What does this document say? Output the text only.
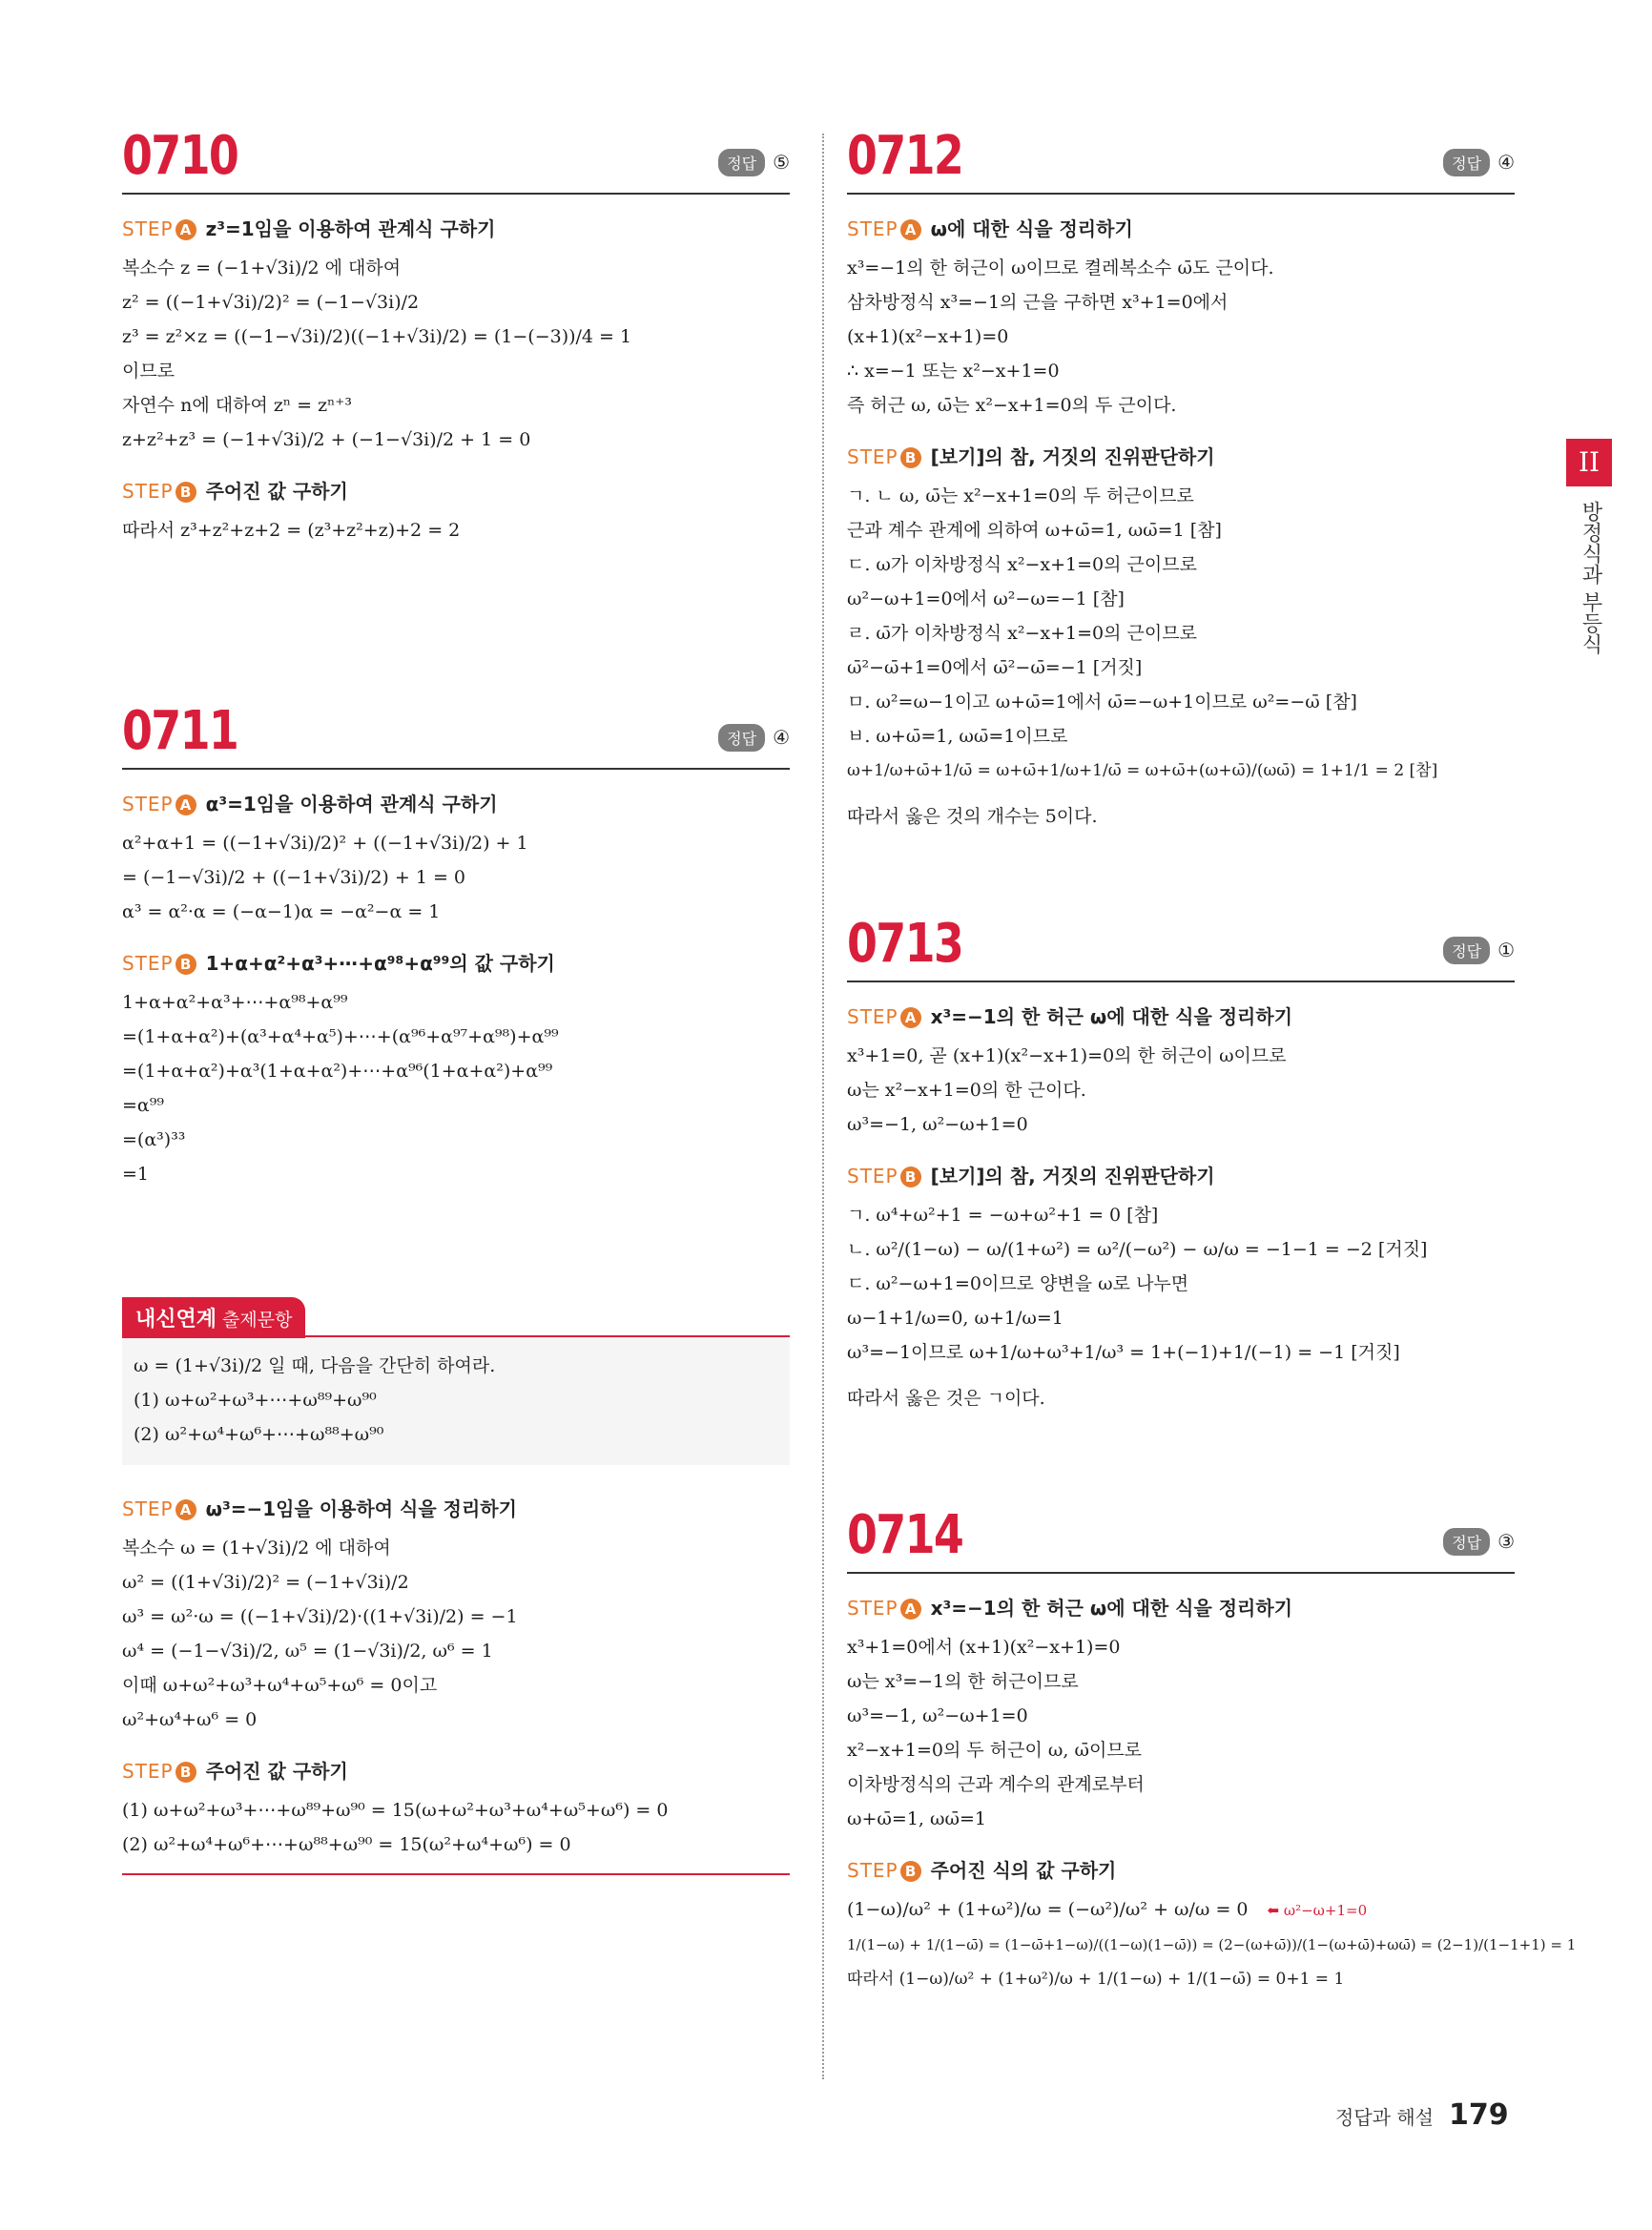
0710	정답 ⑤
STEP A z³=1임을 이용하여 관계식 구하기
복소수 z = (−1+√3i)/2 에 대하여
z² = ((−1+√3i)/2)² = (−1−√3i)/2
z³ = z²×z = ((−1−√3i)/2)((−1+√3i)/2) = (1−(−3))/4 = 1
이므로
자연수 n에 대하여 zⁿ = zⁿ⁺³
z+z²+z³ = (−1+√3i)/2 + (−1−√3i)/2 + 1 = 0
STEP B 주어진 값 구하기
따라서 z³+z²+z+2 = (z³+z²+z)+2 = 2
0711	정답 ④
STEP A α³=1임을 이용하여 관계식 구하기
α²+α+1 = ((−1+√3i)/2)² + ((−1+√3i)/2) + 1
= (−1−√3i)/2 + ((−1+√3i)/2) + 1 = 0
α³ = α²·α = (−α−1)α = −α²−α = 1
STEP B 1+α+α²+α³+⋯+α⁹⁸+α⁹⁹의 값 구하기
1+α+α²+α³+⋯+α⁹⁸+α⁹⁹
=(1+α+α²)+(α³+α⁴+α⁵)+⋯+(α⁹⁶+α⁹⁷+α⁹⁸)+α⁹⁹
=(1+α+α²)+α³(1+α+α²)+⋯+α⁹⁶(1+α+α²)+α⁹⁹
=α⁹⁹
=(α³)³³
=1
내신연계 출제문항
ω = (1+√3i)/2 일 때, 다음을 간단히 하여라.
(1) ω+ω²+ω³+⋯+ω⁸⁹+ω⁹⁰
(2) ω²+ω⁴+ω⁶+⋯+ω⁸⁸+ω⁹⁰
STEP A ω³=−1임을 이용하여 식을 정리하기
복소수 ω = (1+√3i)/2 에 대하여
ω² = ((1+√3i)/2)² = (−1+√3i)/2
ω³ = ω²·ω = ((−1+√3i)/2)·((1+√3i)/2) = −1
ω⁴ = (−1−√3i)/2, ω⁵ = (1−√3i)/2, ω⁶ = 1
이때 ω+ω²+ω³+ω⁴+ω⁵+ω⁶ = 0이고
ω²+ω⁴+ω⁶ = 0
STEP B 주어진 값 구하기
(1) ω+ω²+ω³+⋯+ω⁸⁹+ω⁹⁰ = 15(ω+ω²+ω³+ω⁴+ω⁵+ω⁶) = 0
(2) ω²+ω⁴+ω⁶+⋯+ω⁸⁸+ω⁹⁰ = 15(ω²+ω⁴+ω⁶) = 0
0712	정답 ④
STEP A ω에 대한 식을 정리하기
x³=−1의 한 허근이 ω이므로 켤레복소수 ω̄도 근이다.
삼차방정식 x³=−1의 근을 구하면 x³+1=0에서
(x+1)(x²−x+1)=0
∴ x=−1 또는 x²−x+1=0
즉 허근 ω, ω̄는 x²−x+1=0의 두 근이다.
STEP B [보기]의 참, 거짓의 진위판단하기
ㄱ. ㄴ ω, ω̄는 x²−x+1=0의 두 허근이므로
근과 계수 관계에 의하여 ω+ω̄=1, ωω̄=1 [참]
ㄷ. ω가 이차방정식 x²−x+1=0의 근이므로
ω²−ω+1=0에서 ω²−ω=−1 [참]
ㄹ. ω̄가 이차방정식 x²−x+1=0의 근이므로
ω̄²−ω̄+1=0에서 ω̄²−ω̄=−1 [거짓]
ㅁ. ω²=ω−1이고 ω+ω̄=1에서 ω̄=−ω+1이므로 ω²=−ω̄ [참]
ㅂ. ω+ω̄=1, ωω̄=1이므로
ω+1/ω+ω̄+1/ω̄ = ω+ω̄+1/ω+1/ω̄ = ω+ω̄+(ω+ω̄)/(ωω̄) = 1+1/1 = 2 [참]
따라서 옳은 것의 개수는 5이다.
0713	정답 ①
STEP A x³=−1의 한 허근 ω에 대한 식을 정리하기
x³+1=0, 곧 (x+1)(x²−x+1)=0의 한 허근이 ω이므로
ω는 x²−x+1=0의 한 근이다.
ω³=−1, ω²−ω+1=0
STEP B [보기]의 참, 거짓의 진위판단하기
ㄱ. ω⁴+ω²+1 = −ω+ω²+1 = 0 [참]
ㄴ. ω²/(1−ω) − ω/(1+ω²) = ω²/(−ω²) − ω/ω = −1−1 = −2 [거짓]
ㄷ. ω²−ω+1=0이므로 양변을 ω로 나누면
ω−1+1/ω=0, ω+1/ω=1
ω³=−1이므로 ω+1/ω+ω³+1/ω³ = 1+(−1)+1/(−1) = −1 [거짓]
따라서 옳은 것은 ㄱ이다.
0714	정답 ③
STEP A x³=−1의 한 허근 ω에 대한 식을 정리하기
x³+1=0에서 (x+1)(x²−x+1)=0
ω는 x³=−1의 한 허근이므로
ω³=−1, ω²−ω+1=0
x²−x+1=0의 두 허근이 ω, ω̄이므로
이차방정식의 근과 계수의 관계로부터
ω+ω̄=1, ωω̄=1
STEP B 주어진 식의 값 구하기
(1−ω)/ω² + (1+ω²)/ω = (−ω²)/ω² + ω/ω = 0 ⬅ ω²−ω+1=0
1/(1−ω) + 1/(1−ω̄) = (1−ω̄+1−ω)/((1−ω)(1−ω̄)) = (2−(ω+ω̄))/(1−(ω+ω̄)+ωω̄) = (2−1)/(1−1+1) = 1
따라서 (1−ω)/ω² + (1+ω²)/ω + 1/(1−ω) + 1/(1−ω̄) = 0+1 = 1
II
방정식과 부등식
정답과 해설 179
